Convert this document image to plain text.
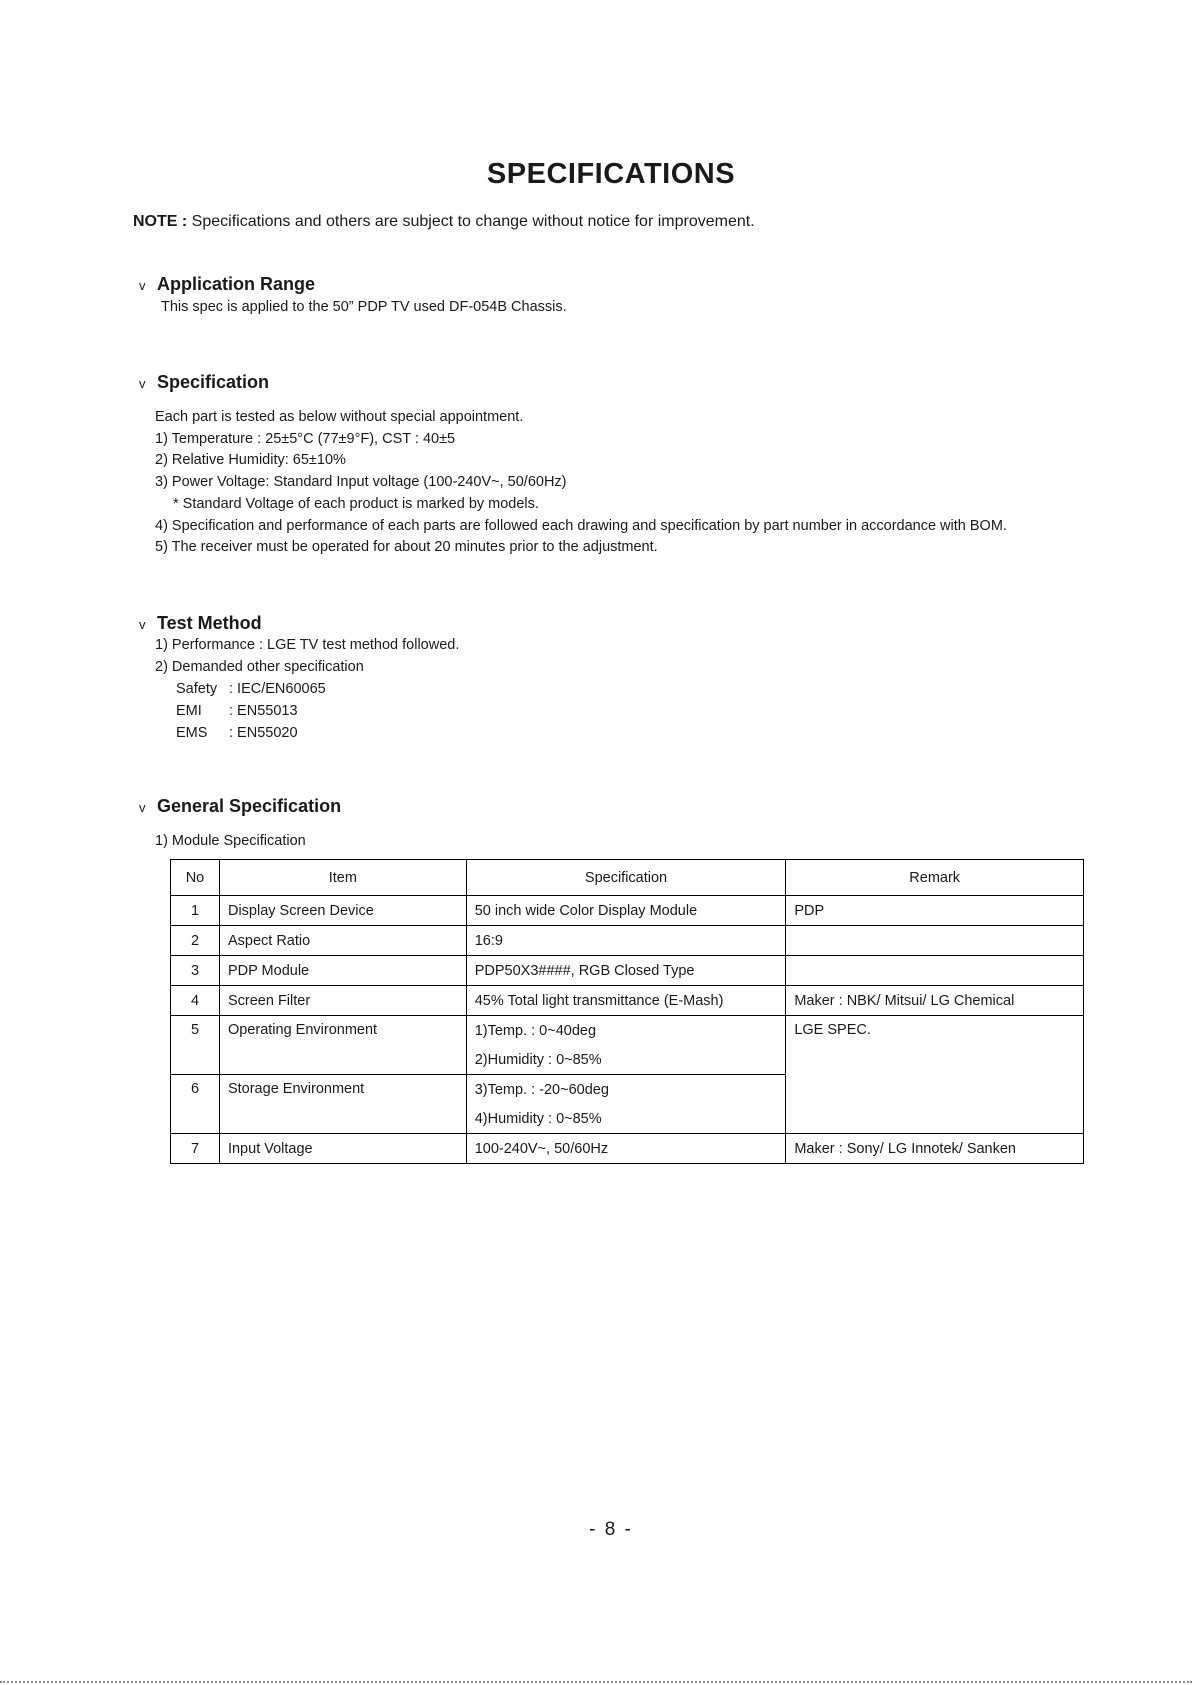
SPECIFICATIONS
NOTE : Specifications and others are subject to change without notice for improvement.
v Application Range
This spec is applied to the 50” PDP TV used DF-054B Chassis.
v Specification
Each part is tested as below without special appointment.
1) Temperature : 25±5°C (77±9°F), CST : 40±5
2) Relative Humidity: 65±10%
3) Power Voltage: Standard Input voltage (100-240V~, 50/60Hz)
* Standard Voltage of each product is marked by models.
4) Specification and performance of each parts are followed each drawing and specification by part number in accordance with BOM.
5) The receiver must be operated for about 20 minutes prior to the adjustment.
v Test Method
1) Performance : LGE TV test method followed.
2) Demanded other specification
Safety : IEC/EN60065
EMI : EN55013
EMS : EN55020
v General Specification
1) Module Specification
No	Item	Specification	Remark
1	Display Screen Device	50 inch wide Color Display Module	PDP
2	Aspect Ratio	16:9	
3	PDP Module	PDP50X3####, RGB Closed Type	
4	Screen Filter	45% Total light transmittance (E-Mash)	Maker : NBK/ Mitsui/ LG Chemical
5	Operating Environment	1)Temp. : 0~40deg	LGE SPEC.
		2)Humidity : 0~85%	
6	Storage Environment	3)Temp. : -20~60deg	
		4)Humidity : 0~85%	
7	Input Voltage	100-240V~, 50/60Hz	Maker : Sony/ LG Innotek/ Sanken
- 8 -
